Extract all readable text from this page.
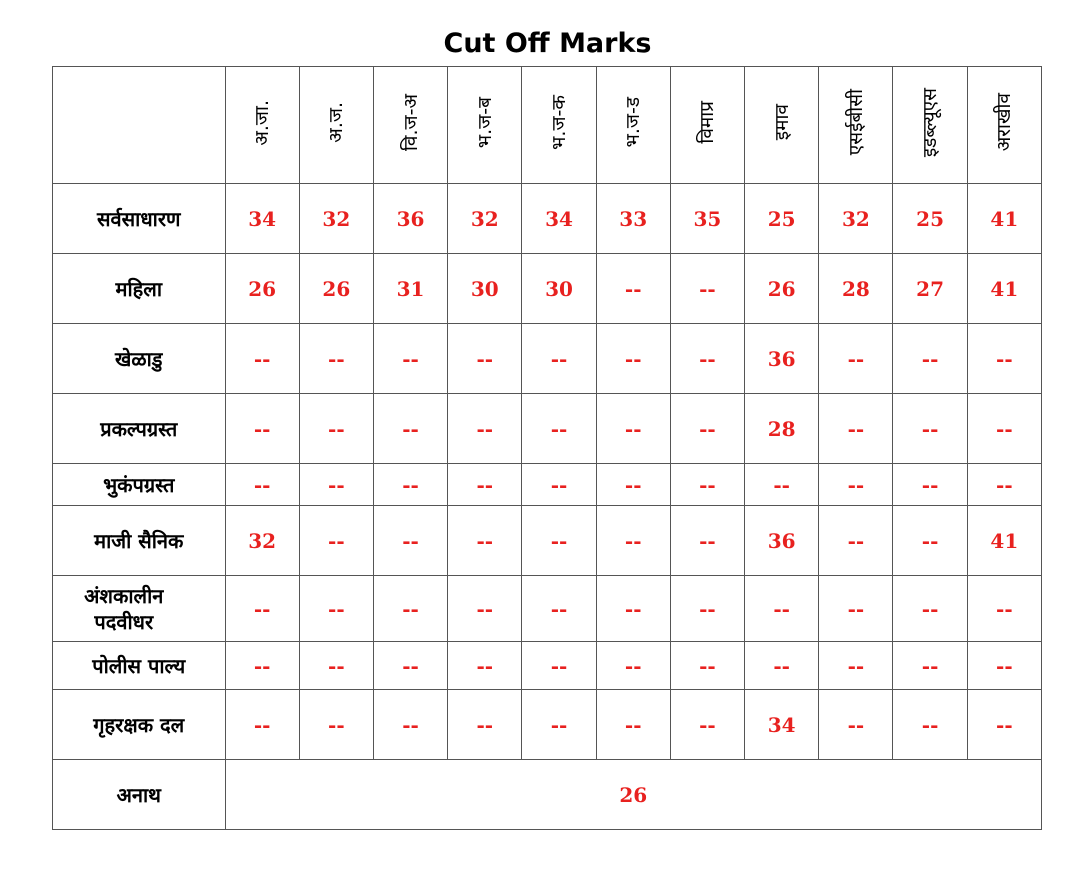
Cut Off Marks
	अ.जा.	अ.ज.	वि.ज-अ	भ.ज-ब	भ.ज-क	भ.ज-ड	विमाप्र	इमाव	एसईबीसी	इडब्ल्यूएस	अराखीव
सर्वसाधारण	34	32	36	32	34	33	35	25	32	25	41
महिला	26	26	31	30	30	--	--	26	28	27	41
खेळाडु	--	--	--	--	--	--	--	36	--	--	--
प्रकल्पग्रस्त	--	--	--	--	--	--	--	28	--	--	--
भुकंपग्रस्त	--	--	--	--	--	--	--	--	--	--	--
माजी सैनिक	32	--	--	--	--	--	--	36	--	--	41
अंशकालीन पदवीधर	--	--	--	--	--	--	--	--	--	--	--
पोलीस पाल्य	--	--	--	--	--	--	--	--	--	--	--
गृहरक्षक दल	--	--	--	--	--	--	--	34	--	--	--
अनाथ	26										
